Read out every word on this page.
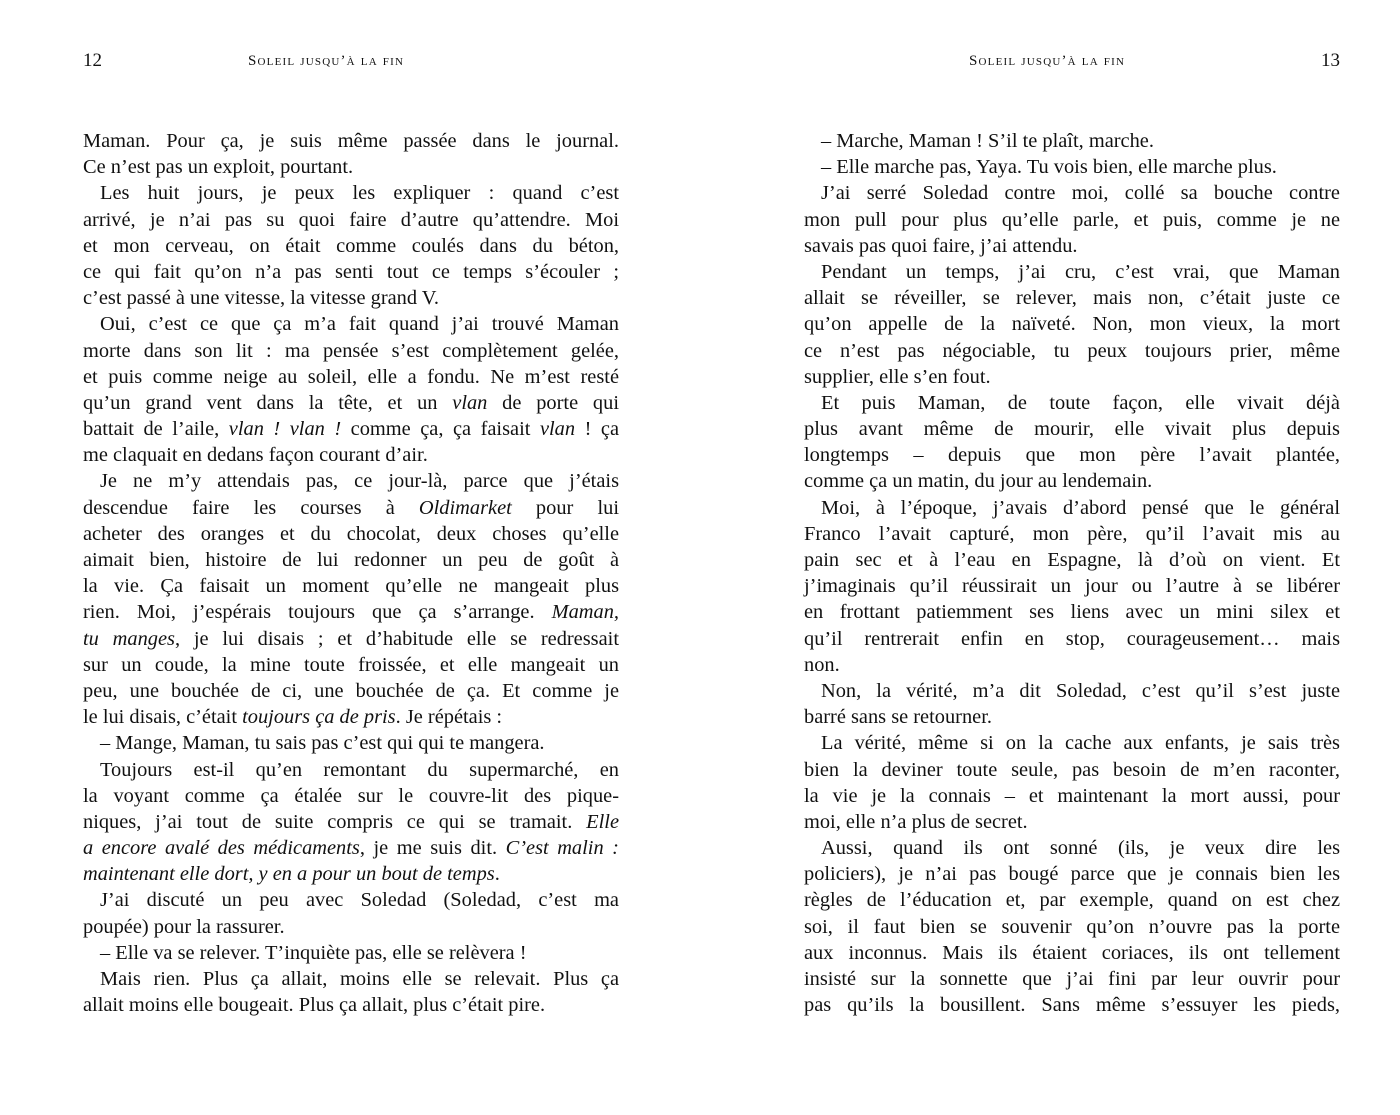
12	Soleil jusqu’à la fin
Maman. Pour ça, je suis même passée dans le journal.
Ce n’est pas un exploit, pourtant.
Les huit jours, je peux les expliquer : quand c’est
arrivé, je n’ai pas su quoi faire d’autre qu’attendre. Moi
et mon cerveau, on était comme coulés dans du béton,
ce qui fait qu’on n’a pas senti tout ce temps s’écouler ;
c’est passé à une vitesse, la vitesse grand V.
Oui, c’est ce que ça m’a fait quand j’ai trouvé Maman
morte dans son lit : ma pensée s’est complètement gelée,
et puis comme neige au soleil, elle a fondu. Ne m’est resté
qu’un grand vent dans la tête, et un vlan de porte qui
battait de l’aile, vlan ! vlan ! comme ça, ça faisait vlan ! ça
me claquait en dedans façon courant d’air.
Je ne m’y attendais pas, ce jour-là, parce que j’étais
descendue faire les courses à Oldimarket pour lui
acheter des oranges et du chocolat, deux choses qu’elle
aimait bien, histoire de lui redonner un peu de goût à
la vie. Ça faisait un moment qu’elle ne mangeait plus
rien. Moi, j’espérais toujours que ça s’arrange. Maman,
tu manges, je lui disais ; et d’habitude elle se redressait
sur un coude, la mine toute froissée, et elle mangeait un
peu, une bouchée de ci, une bouchée de ça. Et comme je
le lui disais, c’était toujours ça de pris. Je répétais :
– Mange, Maman, tu sais pas c’est qui qui te mangera.
Toujours est-il qu’en remontant du supermarché, en
la voyant comme ça étalée sur le couvre-lit des pique-
niques, j’ai tout de suite compris ce qui se tramait. Elle
a encore avalé des médicaments, je me suis dit. C’est malin :
maintenant elle dort, y en a pour un bout de temps.
J’ai discuté un peu avec Soledad (Soledad, c’est ma
poupée) pour la rassurer.
– Elle va se relever. T’inquiète pas, elle se relèvera !
Mais rien. Plus ça allait, moins elle se relevait. Plus ça
allait moins elle bougeait. Plus ça allait, plus c’était pire.
Soleil jusqu’à la fin	13
– Marche, Maman ! S’il te plaît, marche.
– Elle marche pas, Yaya. Tu vois bien, elle marche plus.
J’ai serré Soledad contre moi, collé sa bouche contre
mon pull pour plus qu’elle parle, et puis, comme je ne
savais pas quoi faire, j’ai attendu.
Pendant un temps, j’ai cru, c’est vrai, que Maman
allait se réveiller, se relever, mais non, c’était juste ce
qu’on appelle de la naïveté. Non, mon vieux, la mort
ce n’est pas négociable, tu peux toujours prier, même
supplier, elle s’en fout.
Et puis Maman, de toute façon, elle vivait déjà
plus avant même de mourir, elle vivait plus depuis
longtemps – depuis que mon père l’avait plantée,
comme ça un matin, du jour au lendemain.
Moi, à l’époque, j’avais d’abord pensé que le général
Franco l’avait capturé, mon père, qu’il l’avait mis au
pain sec et à l’eau en Espagne, là d’où on vient. Et
j’imaginais qu’il réussirait un jour ou l’autre à se libérer
en frottant patiemment ses liens avec un mini silex et
qu’il rentrerait enfin en stop, courageusement… mais
non.
Non, la vérité, m’a dit Soledad, c’est qu’il s’est juste
barré sans se retourner.
La vérité, même si on la cache aux enfants, je sais très
bien la deviner toute seule, pas besoin de m’en raconter,
la vie je la connais – et maintenant la mort aussi, pour
moi, elle n’a plus de secret.
Aussi, quand ils ont sonné (ils, je veux dire les
policiers), je n’ai pas bougé parce que je connais bien les
règles de l’éducation et, par exemple, quand on est chez
soi, il faut bien se souvenir qu’on n’ouvre pas la porte
aux inconnus. Mais ils étaient coriaces, ils ont tellement
insisté sur la sonnette que j’ai fini par leur ouvrir pour
pas qu’ils la bousillent. Sans même s’essuyer les pieds,
